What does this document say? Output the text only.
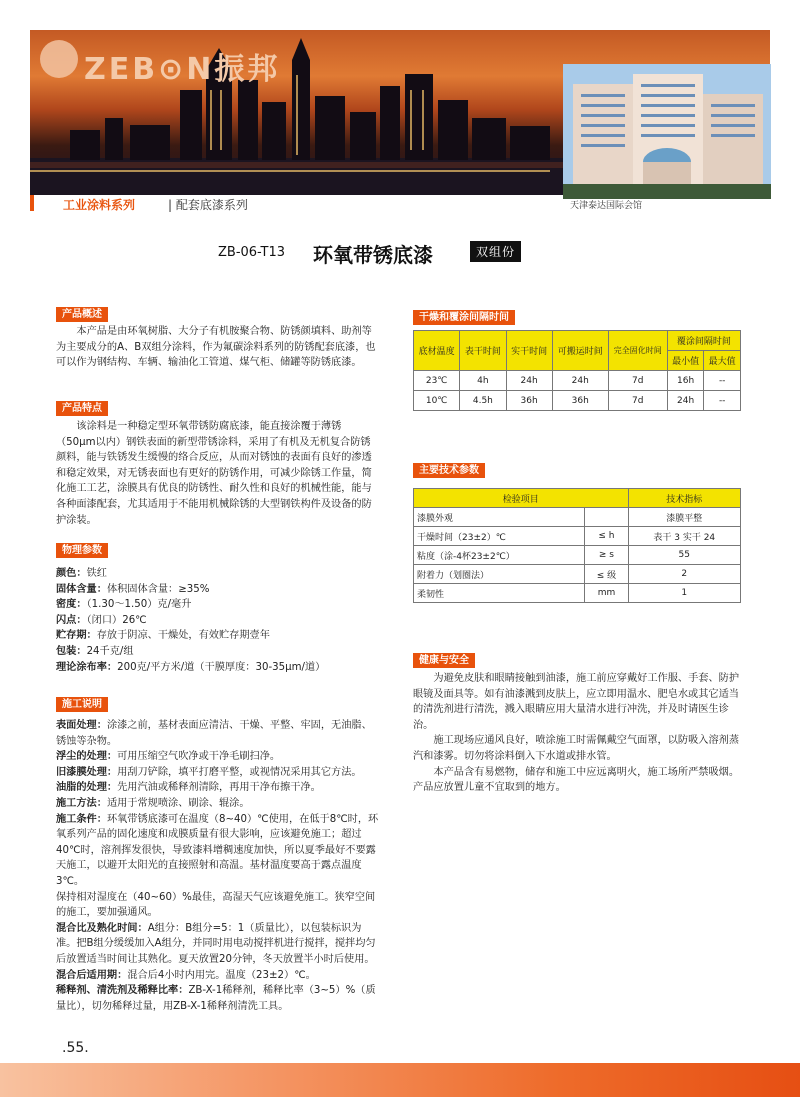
ZEB⊙N振邦
天津泰达国际会馆
工业涂料系列	| 配套底漆系列
ZB-06-T13 环氧带锈底漆	双组份
产品概述

本产品是由环氧树脂、大分子有机胺聚合物、防锈颜填料、助剂等为主要成分的A、B双组分涂料，作为氟碳涂料系列的防锈配套底漆，也可以作为钢结构、车辆、输油化工管道、煤气柜、储罐等防锈底漆。

产品特点

该涂料是一种稳定型环氧带锈防腐底漆，能直接涂覆于薄锈（50μm以内）钢铁表面的新型带锈涂料，采用了有机及无机复合防锈颜料，能与铁锈发生缓慢的络合反应，从而对锈蚀的表面有良好的渗透和稳定效果，对无锈表面也有更好的防锈作用，可减少除锈工作量，简化施工工艺，涂膜具有优良的防锈性、耐久性和良好的机械性能，能与各种面漆配套，尤其适用于不能用机械除锈的大型钢铁构件及设备的防护涂装。

物理参数

颜色：铁红

固体含量：体积固体含量：≥35%

密度：（1.30～1.50）克/毫升

闪点：（闭口）26℃

贮存期：存放于阴凉、干燥处，有效贮存期壹年

包装：24千克/组

理论涂布率：200克/平方米/道（干膜厚度：30-35μm/道）

施工说明

表面处理：涂漆之前，基材表面应清洁、干燥、平整、牢固，无油脂、锈蚀等杂物。

浮尘的处理：可用压缩空气吹净或干净毛刷扫净。

旧漆膜处理：用刮刀铲除，填平打磨平整，或视情况采用其它方法。

油脂的处理：先用汽油或稀释剂清除，再用干净布擦干净。

施工方法：适用于常规喷涂、刷涂、辊涂。

施工条件：环氧带锈底漆可在温度（8~40）℃使用，在低于8℃时，环氧系列产品的固化速度和成膜质量有很大影响，应该避免施工；超过40℃时，溶剂挥发很快，导致漆料增稠速度加快，所以夏季最好不要露天施工，以避开太阳光的直接照射和高温。基材温度要高于露点温度3℃。

保持相对湿度在（40~60）%最佳，高湿天气应该避免施工。狭窄空间的施工，要加强通风。

混合比及熟化时间：A组分：B组分=5：1（质量比），以包装标识为准。把B组分缓缓加入A组分，并同时用电动搅拌机进行搅拌，搅拌均匀后放置适当时间让其熟化。夏天放置20分钟，冬天放置半小时后使用。

混合后适用期：混合后4小时内用完。温度（23±2）℃。

稀释剂、清洗剂及稀释比率：ZB-X-1稀释剂，稀释比率（3~5）%（质量比），切勿稀释过量，用ZB-X-1稀释剂清洗工具。

干燥和覆涂间隔时间
底材温度	表干时间	实干时间	可搬运时间	完全固化时间	覆涂间隔时间	
					最小值	最大值
23℃	4h	24h	24h	7d	16h	--
10℃	4.5h	36h	36h	7d	24h	--
主要技术参数
检验项目		技术指标
漆膜外观		漆膜平整
干燥时间（23±2）℃	≤ h	表干 3 实干 24
粘度（涂-4杯23±2℃）	≥ s	55
附着力（划圈法）	≤ 级	2
柔韧性	mm	1
健康与安全

为避免皮肤和眼睛接触到油漆，施工前应穿戴好工作服、手套、防护眼镜及面具等。如有油漆溅到皮肤上，应立即用温水、肥皂水或其它适当的清洗剂进行清洗，溅入眼睛应用大量清水进行冲洗，并及时请医生诊治。

施工现场应通风良好，喷涂施工时需佩戴空气面罩，以防吸入溶剂蒸汽和漆雾。切勿将涂料倒入下水道或排水管。

本产品含有易燃物，储存和施工中应远离明火，施工场所严禁吸烟。产品应放置儿童不宜取到的地方。

.55.
